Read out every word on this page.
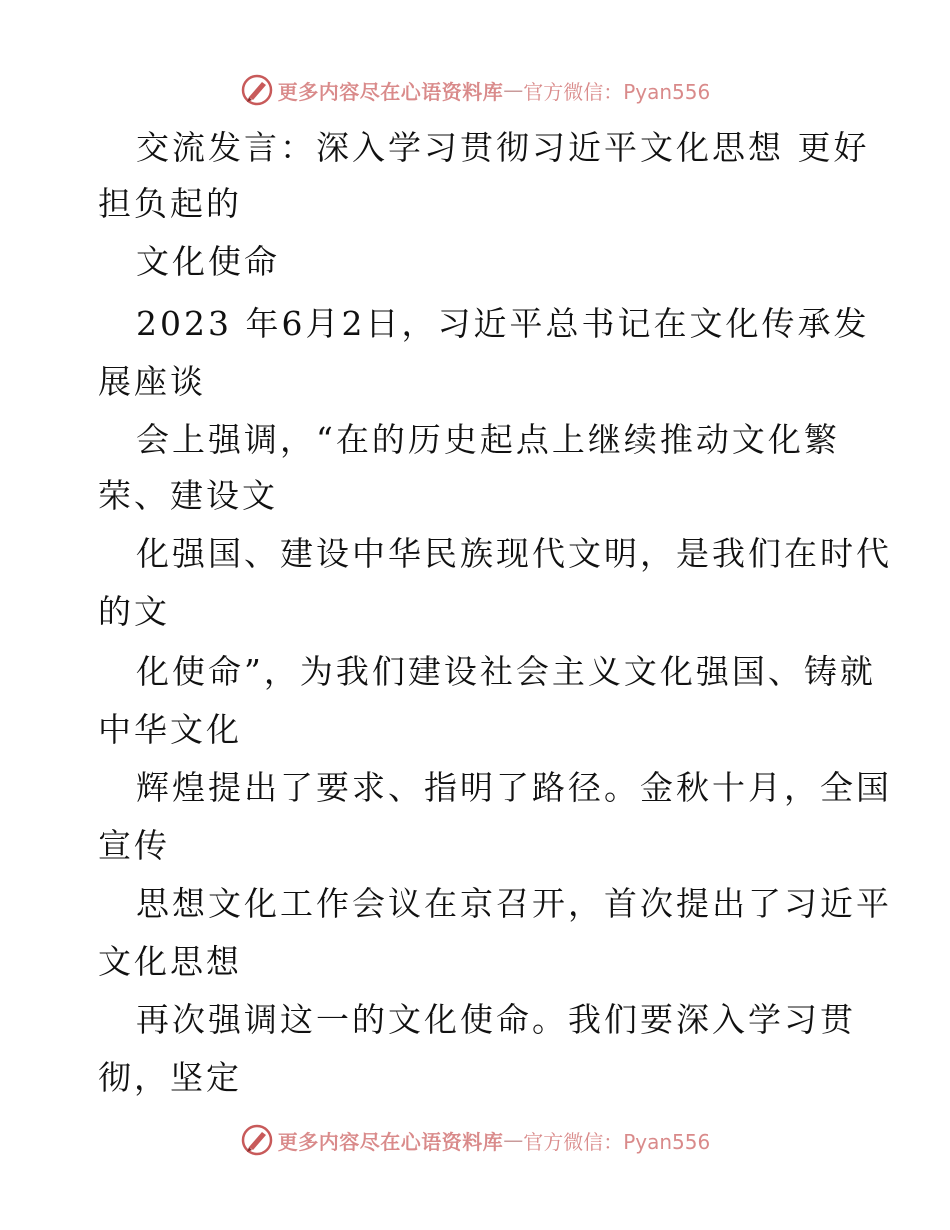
更多内容尽在心语资料库 — 官方微信：Pyan556
交流发言：深入学习贯彻习近平文化思想 更好
担负起的
文化使命
2023 年6月2日，习近平总书记在文化传承发
展座谈
会上强调，“在的历史起点上继续推动文化繁
荣、建设文
化强国、建设中华民族现代文明，是我们在时代
的文
化使命”，为我们建设社会主义文化强国、铸就
中华文化
辉煌提出了要求、指明了路径。金秋十月，全国
宣传
思想文化工作会议在京召开，首次提出了习近平
文化思想
再次强调这一的文化使命。我们要深入学习贯
彻，坚定
更多内容尽在心语资料库 — 官方微信：Pyan556
